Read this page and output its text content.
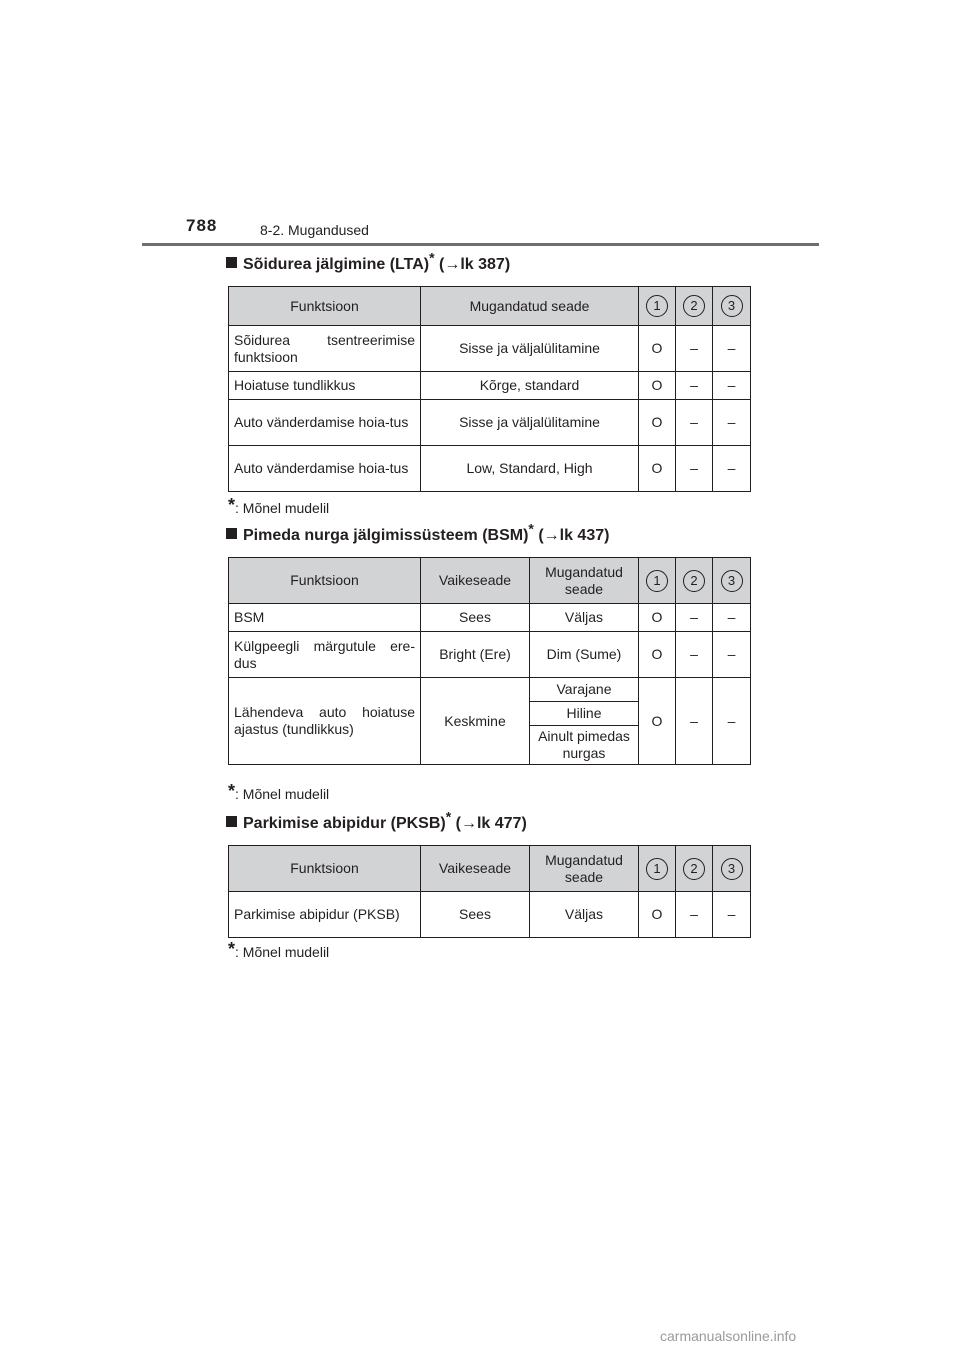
788	8-2. Mugandused
Sõidurea jälgimine (LTA)* (→lk 387)
Funktsioon	Mugandatud seade	1	2	3
Sõidurea tsentreerimise funktsioon	Sisse ja väljalülitamine	O	–	–
Hoiatuse tundlikkus	Kõrge, standard	O	–	–
Auto vänderdamise hoia-tus	Sisse ja väljalülitamine	O	–	–
Auto vänderdamise hoia-tus	Low, Standard, High	O	–	–
*: Mõnel mudelil
Pimeda nurga jälgimissüsteem (BSM)* (→lk 437)
Funktsioon	Vaikeseade	Mugandatud seade	1	2	3
BSM	Sees	Väljas	O	–	–
Külgpeegli märgutule ere-dus	Bright (Ere)	Dim (Sume)	O	–	–
Lähendeva auto hoiatuse ajastus (tundlikkus)	Keskmine	Varajane	O	–	–
		Hiline			
		Ainult pimedas nurgas			
*: Mõnel mudelil
Parkimise abipidur (PKSB)* (→lk 477)
Funktsioon	Vaikeseade	Mugandatud seade	1	2	3
Parkimise abipidur (PKSB)	Sees	Väljas	O	–	–
*: Mõnel mudelil
carmanualsonline.info
